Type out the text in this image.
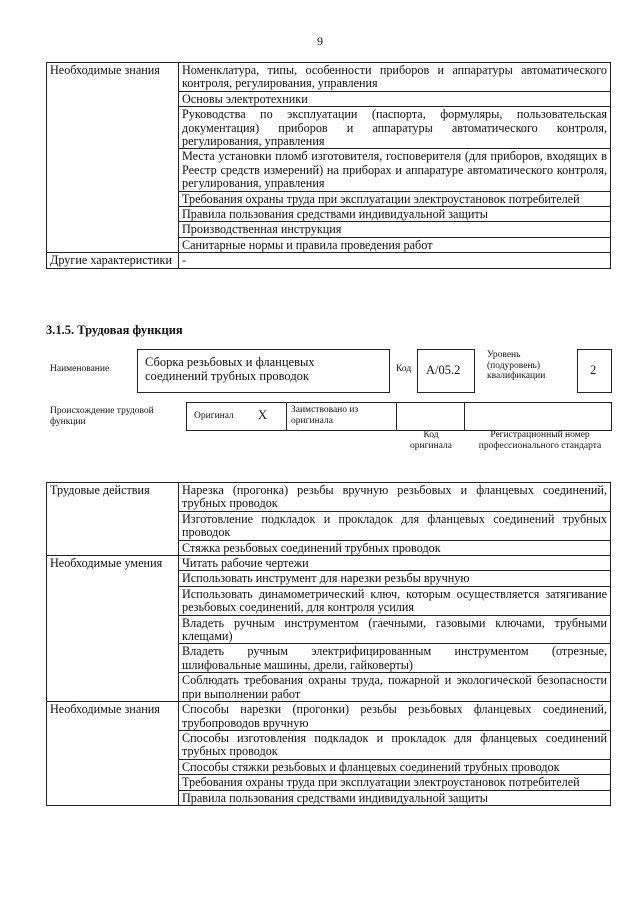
9
Необходимые знания	Номенклатура, типы, особенности приборов и аппаратуры автоматического контроля, регулирования, управления
	Основы электротехники
	Руководства по эксплуатации (паспорта, формуляры, пользовательская документация) приборов и аппаратуры автоматического контроля, регулирования, управления
	Места установки пломб изготовителя, госповерителя (для приборов, входящих в Реестр средств измерений) на приборах и аппаратуре автоматического контроля, регулирования, управления
	Требования охраны труда при эксплуатации электроустановок потребителей
	Правила пользования средствами индивидуальной защиты
	Производственная инструкция
	Санитарные нормы и правила проведения работ
Другие характеристики	-
3.1.5. Трудовая функция
Наименование	Сборка резьбовых и фланцевых соединений трубных проводок	Код А/05.2
Уровень (подуровень) квалификации	2
Происхождение трудовой функции
Оригинал X	Заимствовано из оригинала
Код оригинала
Регистрационный номер профессионального стандарта
Трудовые действия	Нарезка (прогонка) резьбы вручную резьбовых и фланцевых соединений, трубных проводок
	Изготовление подкладок и прокладок для фланцевых соединений трубных проводок
	Стяжка резьбовых соединений трубных проводок
Необходимые умения	Читать рабочие чертежи
	Использовать инструмент для нарезки резьбы вручную
	Использовать динамометрический ключ, которым осуществляется затягивание резьбовых соединений, для контроля усилия
	Владеть ручным инструментом (гаечными, газовыми ключами, трубными клещами)
	Владеть ручным электрифицированным инструментом (отрезные, шлифовальные машины, дрели, гайковерты)
	Соблюдать требования охраны труда, пожарной и экологической безопасности при выполнении работ
Необходимые знания	Способы нарезки (прогонки) резьбы резьбовых фланцевых соединений, трубопроводов вручную
	Способы изготовления подкладок и прокладок для фланцевых соединений трубных проводок
	Способы стяжки резьбовых и фланцевых соединений трубных проводок
	Требования охраны труда при эксплуатации электроустановок потребителей
	Правила пользования средствами индивидуальной защиты
